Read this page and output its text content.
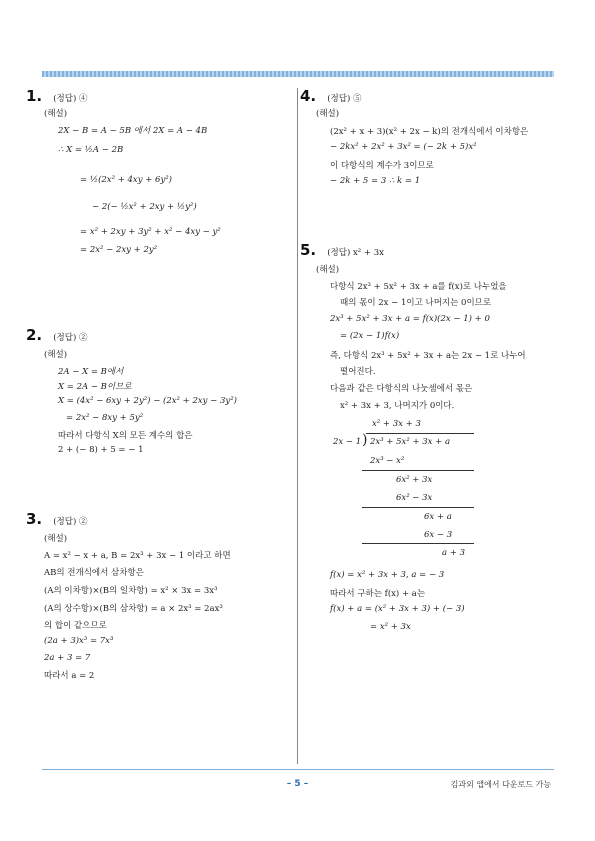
1. (정답) ④
(해설)
2X − B = A − 5B 에서 2X = A − 4B
∴ X = ½A − 2B
= ½(2x² + 4xy + 6y²)
− 2(− ½x² + 2xy + ½y²)
= x² + 2xy + 3y² + x² − 4xy − y²
= 2x² − 2xy + 2y²
2. (정답) ②
(해설)
2A − X = B에서
X = 2A − B이므로
X = (4x² − 6xy + 2y²) − (2x² + 2xy − 3y²)
= 2x² − 8xy + 5y²
따라서 다항식 X의 모든 계수의 합은
2 + (− 8) + 5 = − 1
3. (정답) ②
(해설)
A = x² − x + a, B = 2x³ + 3x − 1 이라고 하면
AB의 전개식에서 삼차항은
(A의 이차항)×(B의 일차항) = x² × 3x = 3x³
(A의 상수항)×(B의 삼차항) = a × 2x³ = 2ax³
의 합이 같으므로
(2a + 3)x³ = 7x³
2a + 3 = 7
따라서 a = 2
4. (정답) ⑤
(해설)
(2x² + x + 3)(x² + 2x − k)의 전개식에서 이차항은
− 2kx² + 2x² + 3x² = (− 2k + 5)x²
이 다항식의 계수가 3이므로
− 2k + 5 = 3 ∴ k = 1
5. (정답) x² + 3x
(해설)
다항식 2x³ + 5x² + 3x + a를 f(x)로 나누었을
때의 몫이 2x − 1이고 나머지는 0이므로
2x³ + 5x² + 3x + a = f(x)(2x − 1) + 0
= (2x − 1)f(x)
즉, 다항식 2x³ + 5x² + 3x + a는 2x − 1로 나누어
떨어진다.
다음과 같은 다항식의 나눗셈에서 몫은
x² + 3x + 3, 나머지가 0이다.
x² + 3x + 3
2x − 1 ) 2x³ + 5x² + 3x + a
2x³ − x²
6x² + 3x
6x² − 3x
6x + a
6x − 3
a + 3
f(x) = x² + 3x + 3, a = − 3
따라서 구하는 f(x) + a는
f(x) + a = (x² + 3x + 3) + (− 3)
= x² + 3x
– 5 –	김과외 앱에서 다운로드 가능
